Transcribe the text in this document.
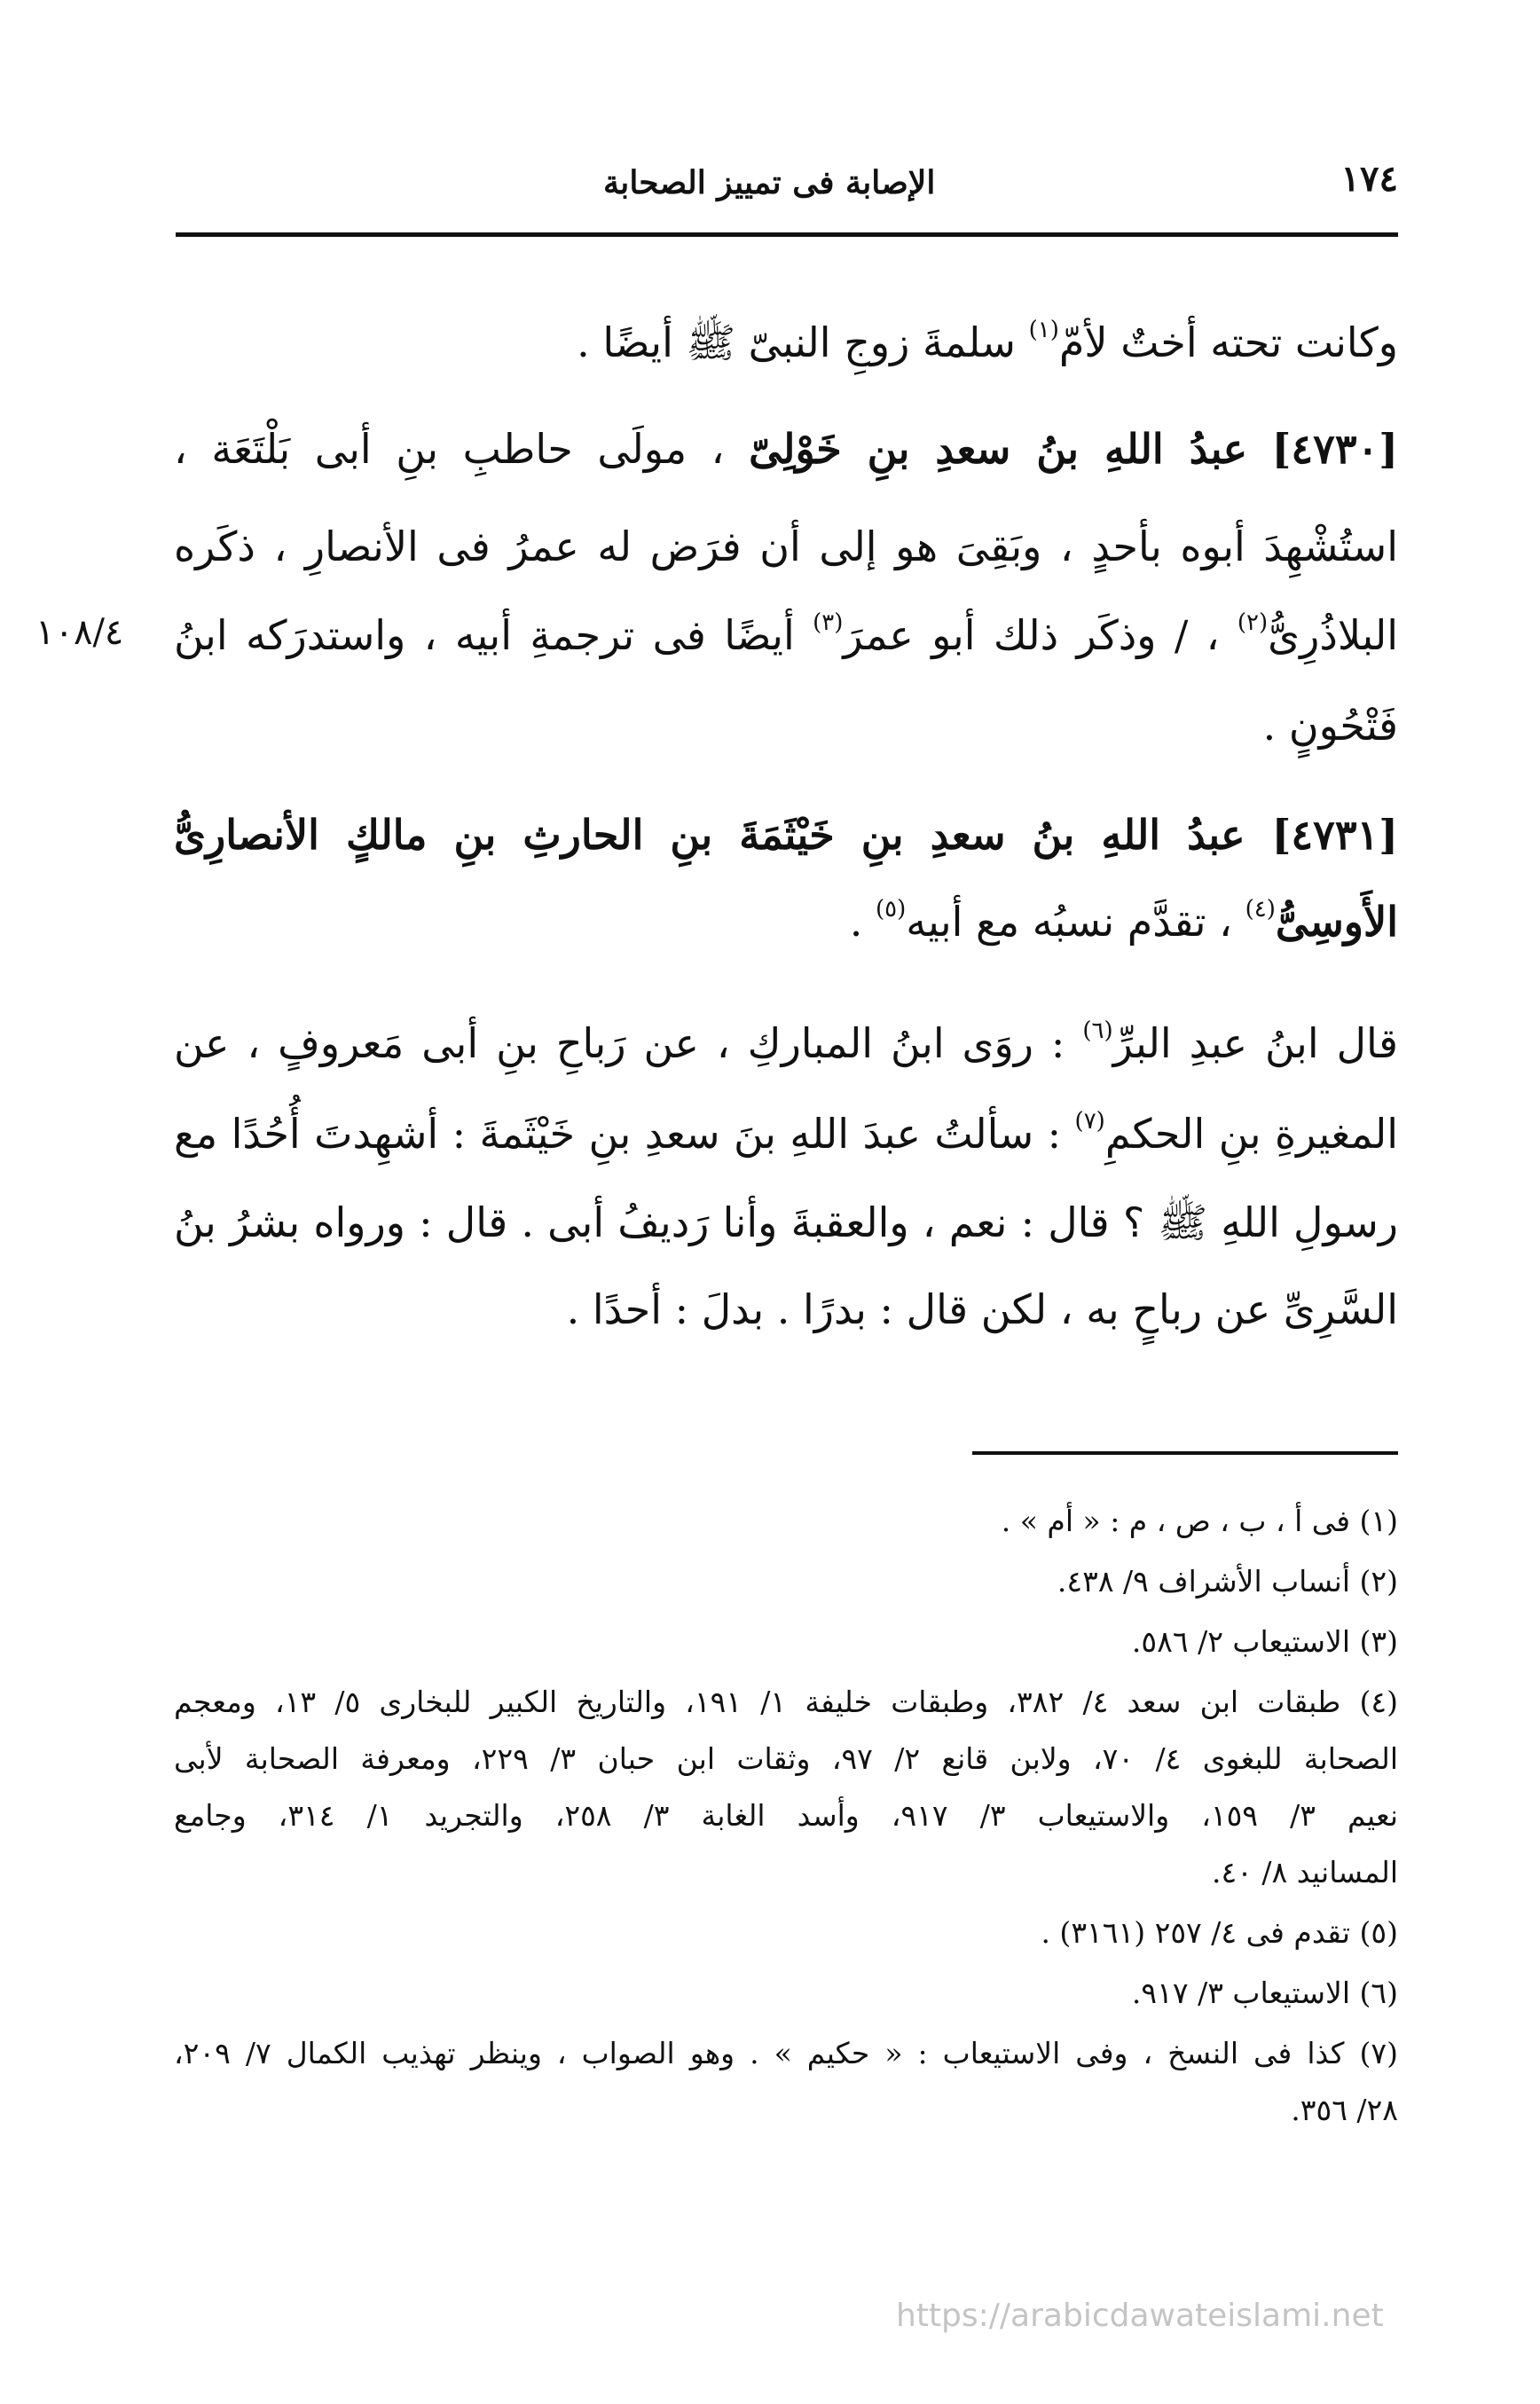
١٧٤
الإصابة فى تمييز الصحابة
١٠٨/٤
وكانت تحته أختٌ لأمّ$^{(١)}$ سلمةَ زوجِ النبىّ ﷺ أيضًا .
[٤٧٣٠] عبدُ اللهِ بنُ سعدِ بنِ خَوْلِىّ ، مولَى حاطبِ بنِ أبى بَلْتَعَة ،
استُشْهِدَ أبوه بأحدٍ ، وبَقِىَ هو إلى أن فرَض له عمرُ فى الأنصارِ ، ذكَره
البلاذُرِىُّ$^{(٢)}$ ، / وذكَر ذلك أبو عمرَ$^{(٣)}$ أيضًا فى ترجمةِ أبيه ، واستدرَكه ابنُ
فَتْحُونٍ .
[٤٧٣١] عبدُ اللهِ بنُ سعدِ بنِ خَيْثَمَةَ بنِ الحارثِ بنِ مالكٍ الأنصارِىُّ
الأَوسِىُّ$^{(٤)}$ ، تقدَّم نسبُه مع أبيه$^{(٥)}$ .
قال ابنُ عبدِ البرِّ$^{(٦)}$ : روَى ابنُ المباركِ ، عن رَباحِ بنِ أبى مَعروفٍ ، عن
المغيرةِ بنِ الحكمِ$^{(٧)}$ : سألتُ عبدَ اللهِ بنَ سعدِ بنِ خَيْثَمةَ : أشهِدتَ أُحُدًا مع
رسولِ اللهِ ﷺ ؟ قال : نعم ، والعقبةَ وأنا رَديفُ أبى . قال : ورواه بشرُ بنُ
السَّرِىِّ عن رباحٍ به ، لكن قال : بدرًا . بدلَ : أحدًا .
(١) فى أ ، ب ، ص ، م : « أم » .
(٢) أنساب الأشراف ٩/ ٤٣٨.
(٣) الاستيعاب ٢/ ٥٨٦.
(٤) طبقات ابن سعد ٤/ ٣٨٢، وطبقات خليفة ١/ ١٩١، والتاريخ الكبير للبخارى ٥/ ١٣، ومعجم
الصحابة للبغوى ٤/ ٧٠، ولابن قانع ٢/ ٩٧، وثقات ابن حبان ٣/ ٢٢٩، ومعرفة الصحابة لأبى
نعيم ٣/ ١٥٩، والاستيعاب ٣/ ٩١٧، وأسد الغابة ٣/ ٢٥٨، والتجريد ١/ ٣١٤، وجامع
المسانيد ٨/ ٤٠.
(٥) تقدم فى ٤/ ٢٥٧ (٣١٦١) .
(٦) الاستيعاب ٣/ ٩١٧.
(٧) كذا فى النسخ ، وفى الاستيعاب : « حكيم » . وهو الصواب ، وينظر تهذيب الكمال ٧/ ٢٠٩،
٢٨/ ٣٥٦.
https://arabicdawateislami.net
